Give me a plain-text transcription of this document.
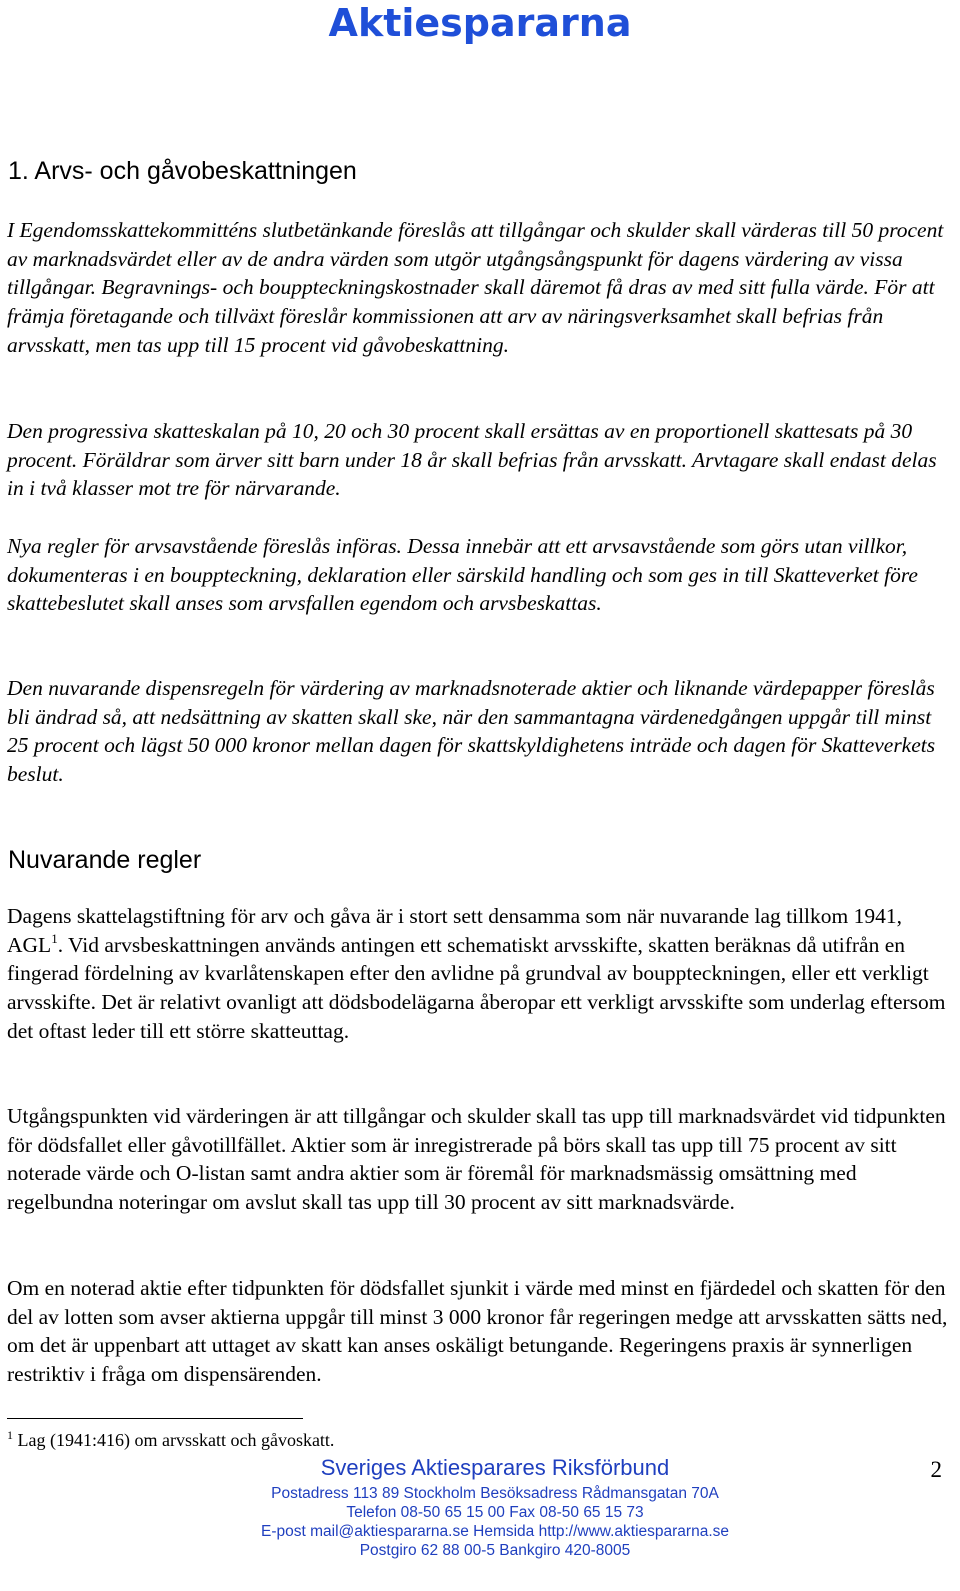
Aktiespararna
1. Arvs- och gåvobeskattningen

I Egendomsskattekommitténs slutbetänkande föreslås att tillgångar och skulder skall värderas till 50 procent av marknadsvärdet eller av de andra värden som utgör utgångsångspunkt för dagens värdering av vissa tillgångar. Begravnings- och bouppteckningskostnader skall däremot få dras av med sitt fulla värde. För att främja företagande och tillväxt föreslår kommissionen att arv av näringsverksamhet skall befrias från arvsskatt, men tas upp till 15 procent vid gåvobeskattning.

Den progressiva skatteskalan på 10, 20 och 30 procent skall ersättas av en proportionell skattesats på 30 procent. Föräldrar som ärver sitt barn under 18 år skall befrias från arvsskatt. Arvtagare skall endast delas in i två klasser mot tre för närvarande.

Nya regler för arvsavstående föreslås införas. Dessa innebär att ett arvsavstående som görs utan villkor, dokumenteras i en bouppteckning, deklaration eller särskild handling och som ges in till Skatteverket före skattebeslutet skall anses som arvsfallen egendom och arvsbeskattas.

Den nuvarande dispensregeln för värdering av marknadsnoterade aktier och liknande värdepapper föreslås bli ändrad så, att nedsättning av skatten skall ske, när den sammantagna värdenedgången uppgår till minst 25 procent och lägst 50 000 kronor mellan dagen för skattskyldighetens inträde och dagen för Skatteverkets beslut.

Nuvarande regler

Dagens skattelagstiftning för arv och gåva är i stort sett densamma som när nuvarande lag tillkom 1941, AGL$^1$. Vid arvsbeskattningen används antingen ett schematiskt arvsskifte, skatten beräknas då utifrån en fingerad fördelning av kvarlåtenskapen efter den avlidne på grundval av bouppteckningen, eller ett verkligt arvsskifte. Det är relativt ovanligt att dödsbodelägarna åberopar ett verkligt arvsskifte som underlag eftersom det oftast leder till ett större skatteuttag.

Utgångspunkten vid värderingen är att tillgångar och skulder skall tas upp till marknadsvärdet vid tidpunkten för dödsfallet eller gåvotillfället. Aktier som är inregistrerade på börs skall tas upp till 75 procent av sitt noterade värde och O-listan samt andra aktier som är föremål för marknadsmässig omsättning med regelbundna noteringar om avslut skall tas upp till 30 procent av sitt marknadsvärde.

Om en noterad aktie efter tidpunkten för dödsfallet sjunkit i värde med minst en fjärdedel och skatten för den del av lotten som avser aktierna uppgår till minst 3 000 kronor får regeringen medge att arvsskatten sätts ned, om det är uppenbart att uttaget av skatt kan anses oskäligt betungande. Regeringens praxis är synnerligen restriktiv i fråga om dispensärenden.

$^1$ Lag (1941:416) om arvsskatt och gåvoskatt.
Sveriges Aktiesparares Riksförbund
Postadress 113 89 Stockholm Besöksadress Rådmansgatan 70A
Telefon 08-50 65 15 00 Fax 08-50 65 15 73
E-post mail@aktiespararna.se Hemsida http://www.aktiespararna.se
Postgiro 62 88 00-5 Bankgiro 420-8005
2
